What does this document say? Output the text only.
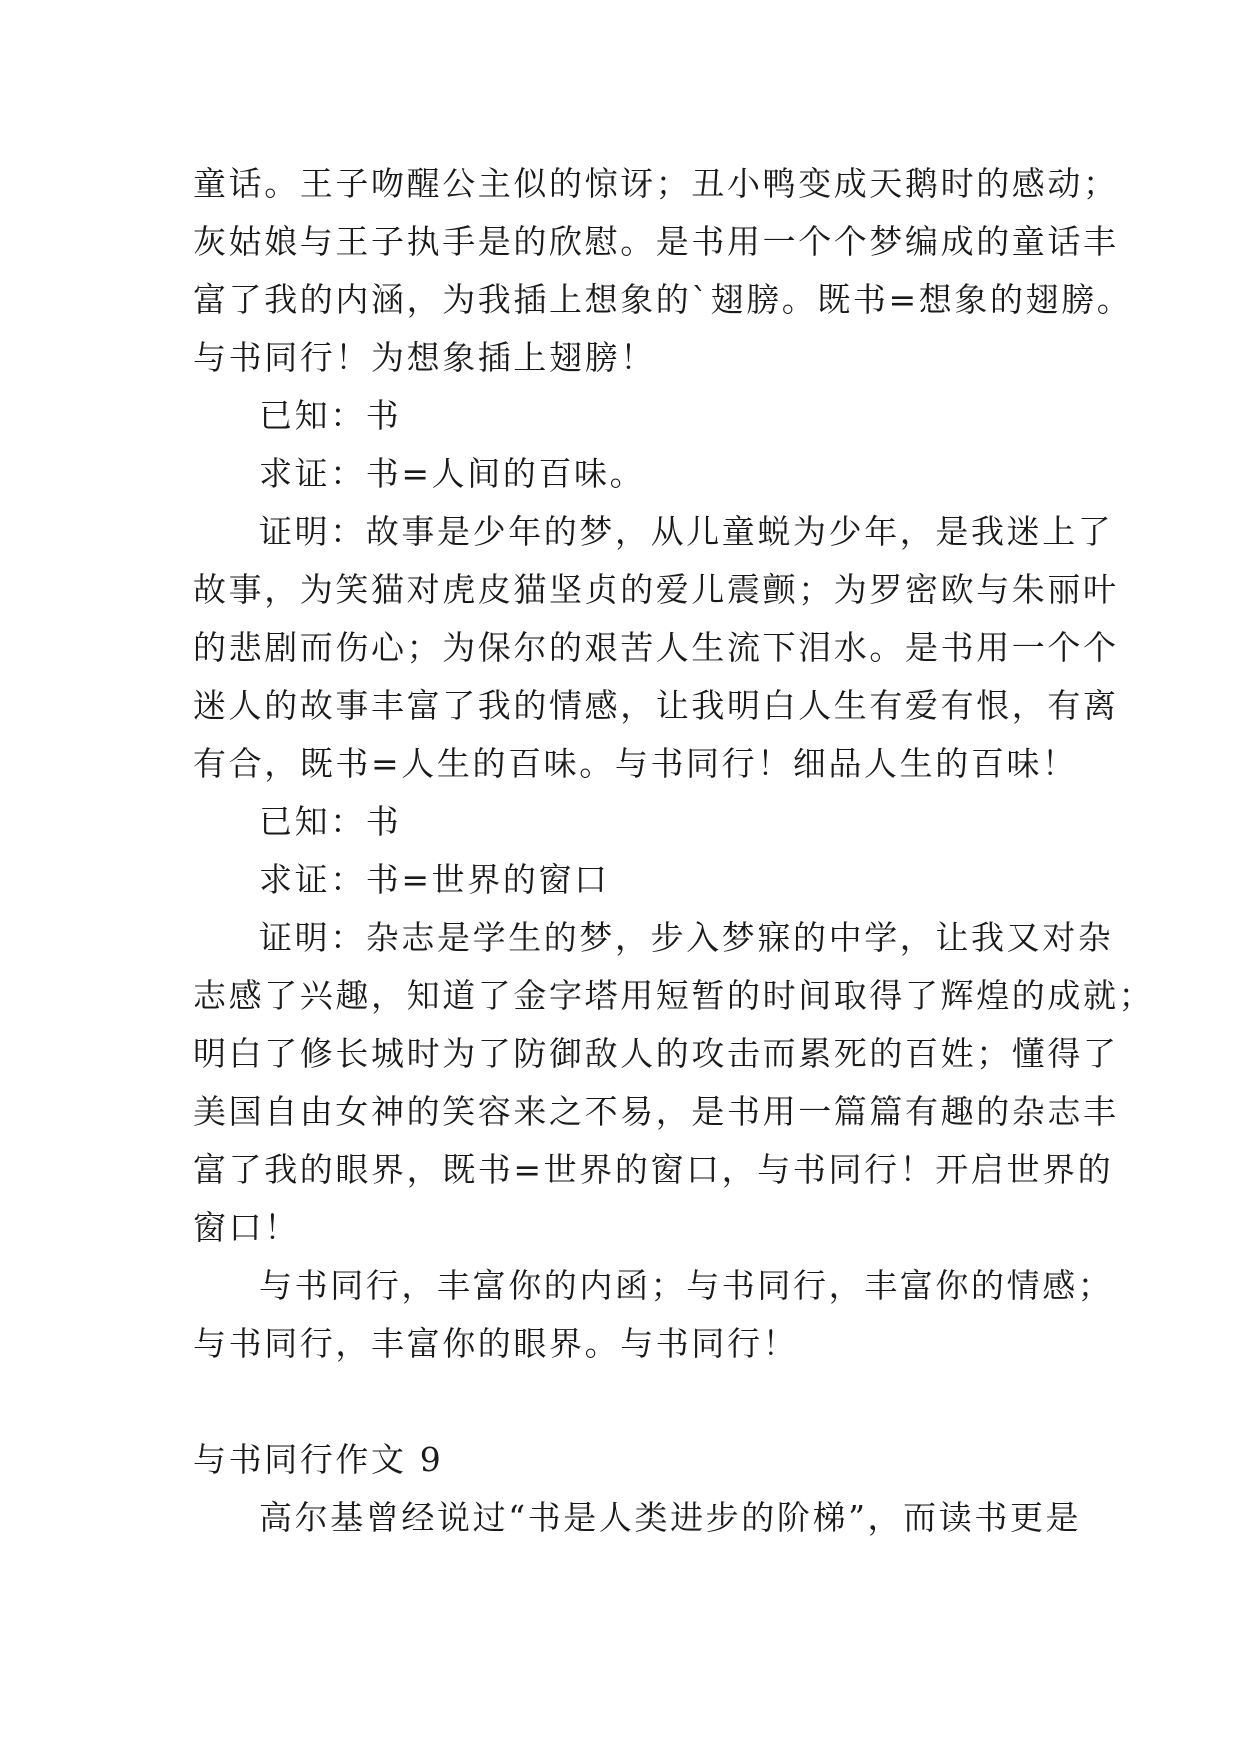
童话。王子吻醒公主似的惊讶；丑小鸭变成天鹅时的感动；
灰姑娘与王子执手是的欣慰。是书用一个个梦编成的童话丰
富了我的内涵，为我插上想象的`翅膀。既书=想象的翅膀。
与书同行！为想象插上翅膀！
已知：书
求证：书=人间的百味。
证明：故事是少年的梦，从儿童蜕为少年，是我迷上了
故事，为笑猫对虎皮猫坚贞的爱儿震颤；为罗密欧与朱丽叶
的悲剧而伤心；为保尔的艰苦人生流下泪水。是书用一个个
迷人的故事丰富了我的情感，让我明白人生有爱有恨，有离
有合，既书=人生的百味。与书同行！细品人生的百味！
已知：书
求证：书=世界的窗口
证明：杂志是学生的梦，步入梦寐的中学，让我又对杂
志感了兴趣，知道了金字塔用短暂的时间取得了辉煌的成就；
明白了修长城时为了防御敌人的攻击而累死的百姓；懂得了
美国自由女神的笑容来之不易，是书用一篇篇有趣的杂志丰
富了我的眼界，既书=世界的窗口，与书同行！开启世界的
窗口！
与书同行，丰富你的内函；与书同行，丰富你的情感；
与书同行，丰富你的眼界。与书同行！
与书同行作文 9
高尔基曾经说过“书是人类进步的阶梯”，而读书更是
